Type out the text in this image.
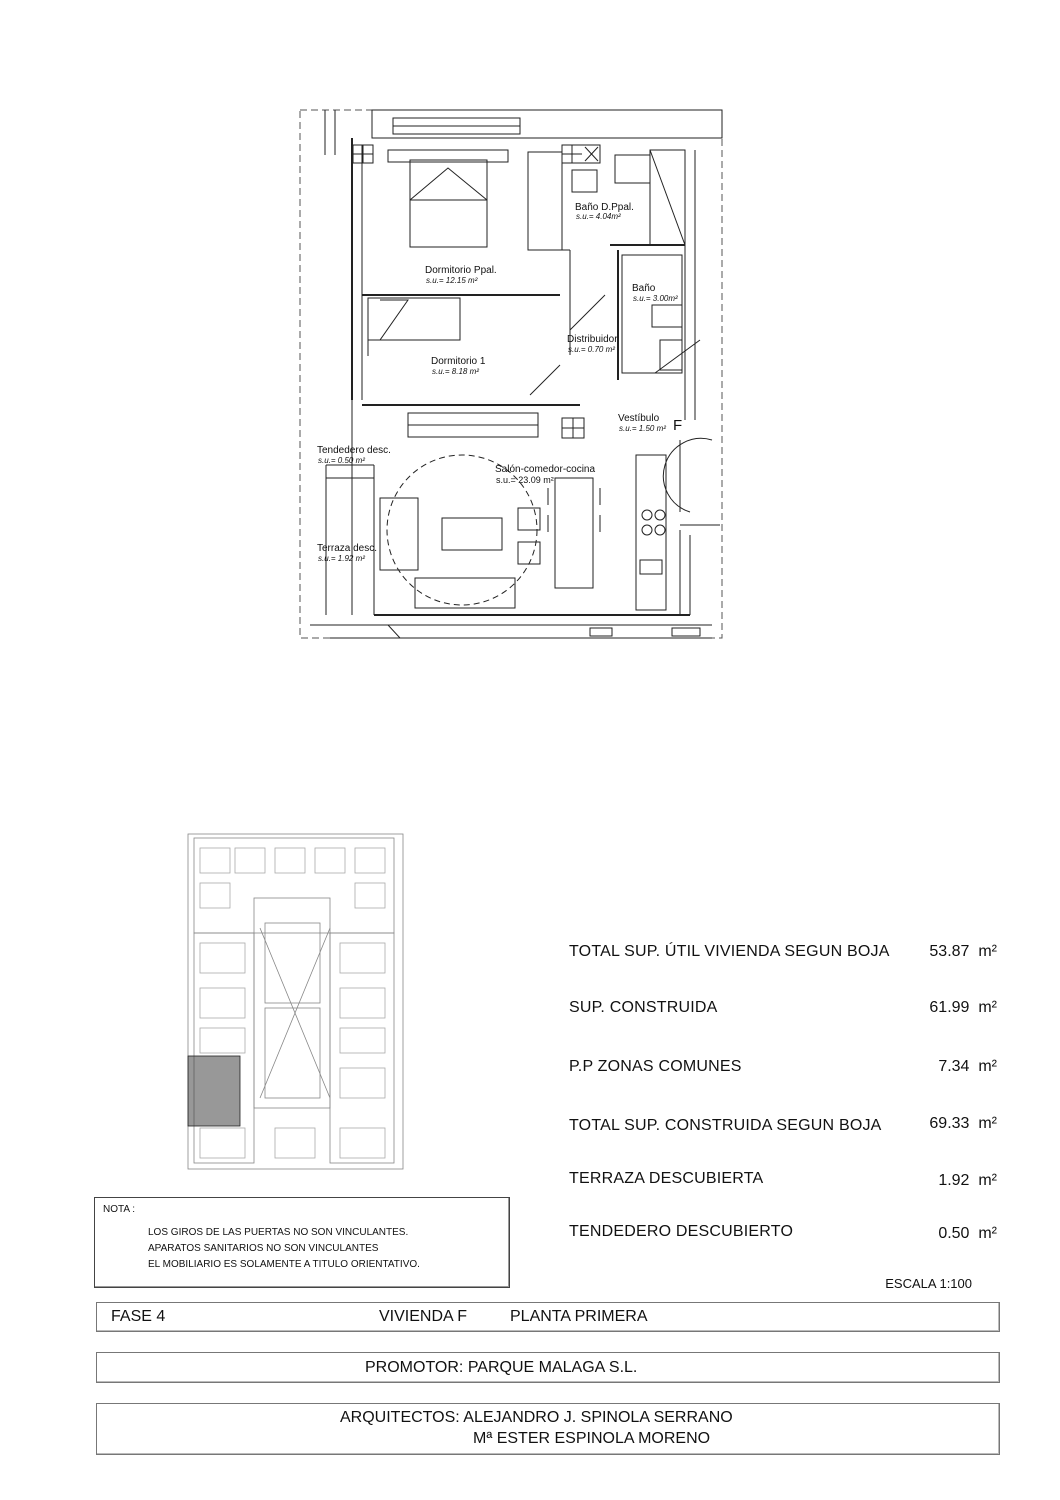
Baño D.Ppal.
s.u.= 4.04m²
Dormitorio Ppal.
s.u.= 12.15 m²
Baño
s.u.= 3.00m²
Distribuidor
s.u.= 0.70 m²
Dormitorio 1
s.u.= 8.18 m²
Vestíbulo
s.u.= 1.50 m² F
Tendedero desc.
s.u.= 0.50 m²
Salón-comedor-cocina
s.u.= 23.09 m²
Terraza desc.
s.u.= 1.92 m²
TOTAL SUP. ÚTIL VIVIENDA SEGUN BOJA 53.87 m²
SUP. CONSTRUIDA	61.99 m²
P.P ZONAS COMUNES	7.34 m²
TOTAL SUP. CONSTRUIDA SEGUN BOJA	69.33 m²
TERRAZA DESCUBIERTA	1.92 m²
TENDEDERO DESCUBIERTO	0.50 m²
NOTA :
LOS GIROS DE LAS PUERTAS NO SON VINCULANTES.
APARATOS SANITARIOS NO SON VINCULANTES
EL MOBILIARIO ES SOLAMENTE A TITULO ORIENTATIVO.
ESCALA 1:100
FASE 4	VIVIENDA F	PLANTA PRIMERA
PROMOTOR: PARQUE MALAGA S.L.
ARQUITECTOS: ALEJANDRO J. SPINOLA SERRANO
Mª ESTER ESPINOLA MORENO
